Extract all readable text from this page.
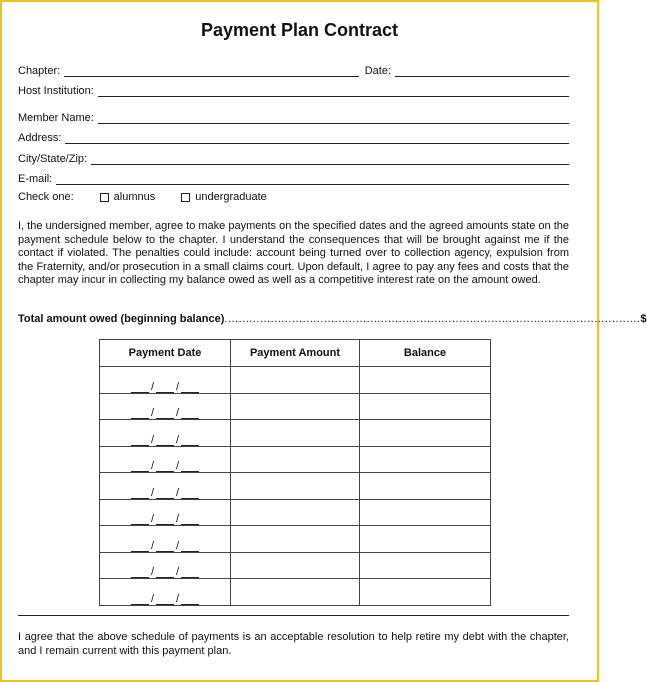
Payment Plan Contract
Chapter:	Date:
Host Institution:
Member Name:
Address:
City/State/Zip:
E-mail:
Check one:	alumnus	undergraduate
I, the undersigned member, agree to make payments on the specified dates and the agreed amounts state on the payment schedule below to the chapter. I understand the consequences that will be brought against me if the contact if violated. The penalties could include: account being turned over to collection agency, expulsion from the Fraternity, and/or prosecution in a small claims court. Upon default, I agree to pay any fees and costs that the chapter may incur in collecting my balance owed as well as a competitive interest rate on the amount owed.
Total amount owed (beginning balance) ..................................................................................................................... $
Payment Date	Payment Amount	Balance

/ /		

/ /		

/ /		

/ /		

/ /		

/ /		

/ /		

/ /		

/ /		

I agree that the above schedule of payments is an acceptable resolution to help retire my debt with the chapter, and I remain current with this payment plan.
